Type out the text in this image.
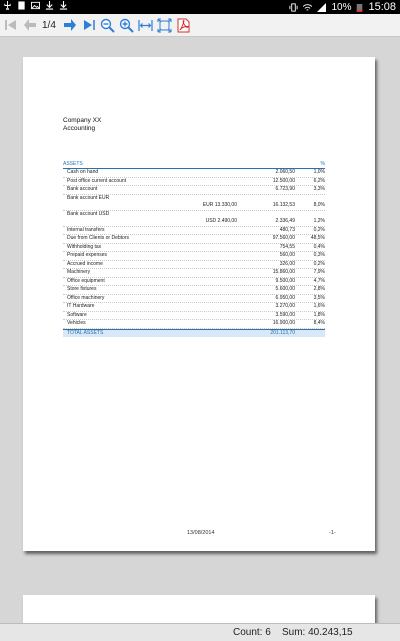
10% 15:08
1/4
Company XX
Accounting
ASSETS	%
Cash on hand	2.060,50	1,0%
Post office current account	12.500,00	6,2%
Bank account	6.723,90	3,3%
Bank account EUR
EUR 13.330,00	16.132,53	8,0%
Bank account USD
USD 2.490,00	2.336,49	1,2%
Internal transfers	480,73	0,2%
Due from Clients or Debtors	97.560,00	48,5%
Withholding tax	754,55	0,4%
Prepaid expenses	560,00	0,3%
Accrued income	326,00	0,2%
Machinery	15.860,00	7,9%
Office equipment	9.500,00	4,7%
Store fixtures	5.600,00	2,8%
Office machinery	6.950,00	3,5%
IT Hardware	3.270,00	1,6%
Software	3.590,00	1,8%
Vehicles	16.900,00	8,4%
TOTAL ASSETS	201.113,70
13/08/2014	-1-
Count: 6 Sum: 40.243,15
